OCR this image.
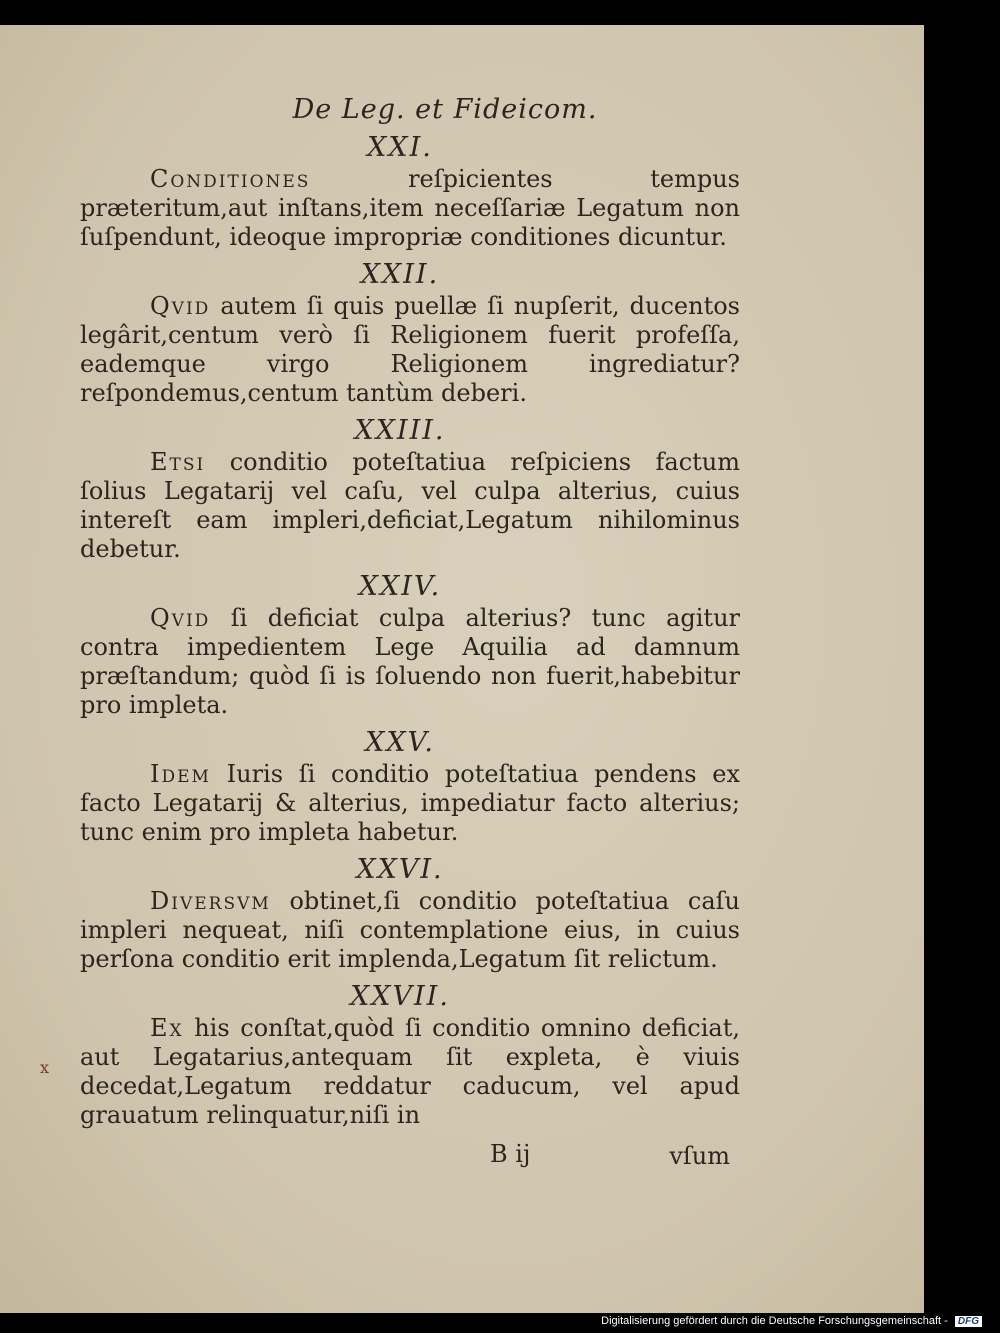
x
De Leg. et Fideicom.
XXI.

Conditiones reſpicientes tempus præteritum,aut inſtans,item neceſſariæ Legatum non ſuſpendunt, ideoque impropriæ conditiones dicuntur.

XXII.

Qvid autem ſi quis puellæ ſi nupſerit, ducentos legârit,centum verò ſi Religionem fuerit profeſſa, eademque virgo Religionem ingrediatur? reſpondemus,centum tantùm deberi.

XXIII.

Etsi conditio poteſtatiua reſpiciens factum ſolius Legatarij vel caſu, vel culpa alterius, cuius intereſt eam impleri,deficiat,Legatum nihilominus debetur.

XXIV.

Qvid ſi deficiat culpa alterius? tunc agitur contra impedientem Lege Aquilia ad damnum præſtandum; quòd ſi is ſoluendo non fuerit,habebitur pro impleta.

XXV.

Idem Iuris ſi conditio poteſtatiua pendens ex facto Legatarij & alterius, impediatur facto alterius; tunc enim pro impleta habetur.

XXVI.

Diversvm obtinet,ſi conditio poteſtatiua caſu impleri nequeat, niſi contemplatione eius, in cuius perſona conditio erit implenda,Legatum ſit relictum.

XXVII.

Ex his conſtat,quòd ſi conditio omnino deficiat, aut Legatarius,antequam ſit expleta, è viuis decedat,Legatum reddatur caducum, vel apud grauatum relinquatur,niſi in

B ij	vſum
Digitalisierung gefördert durch die Deutsche Forschungsgemeinschaft - DFG
